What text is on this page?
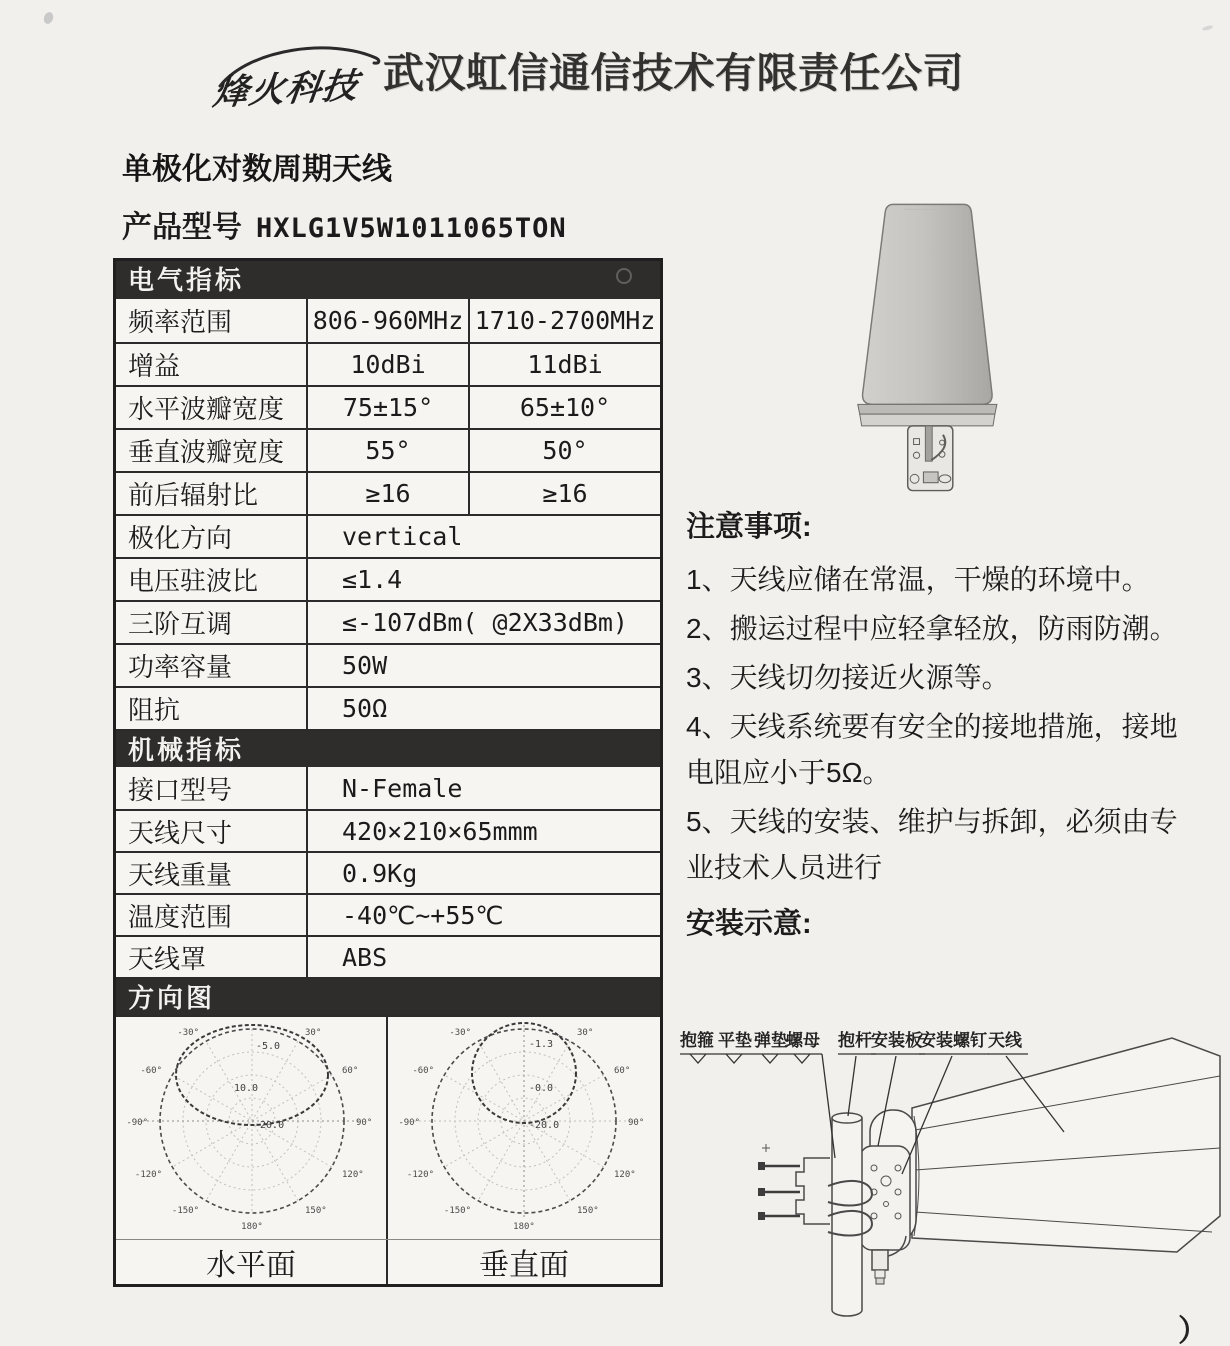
烽火科技 武汉虹信通信技术有限责任公司
单极化对数周期天线
产品型号 HXLG1V5W1011065TON
电气指标
频率范围	806-960MHz 1710-2700MHz
增益	10dBi	11dBi
水平波瓣宽度	75±15°	65±10°
垂直波瓣宽度	55°	50°
前后辐射比	≥16	≥16
极化方向	vertical
电压驻波比	≤1.4
三阶互调	≤-107dBm( @2X33dBm)
功率容量	50W
阻抗	50Ω
机械指标
接口型号	N-Female
天线尺寸	420×210×65mmm
天线重量	0.9Kg
温度范围	-40℃~+55℃
天线罩	ABS
方向图
-30°	30°
-60°	60°
-90°	90°
-120°	120°
-150°	150°
180°
-5.0
10.0
-20.0
-30°	30°
-60°	60°
-90°	90°
-120°	120°
-150°	150°
180°
-1.3
-0.0
-20.0
水平面	垂直面
注意事项:

1、天线应储在常温，干燥的环境中。

2、搬运过程中应轻拿轻放，防雨防潮。

3、天线切勿接近火源等。

4、天线系统要有安全的接地措施，接地电阻应小于5Ω。

5、天线的安装、维护与拆卸，必须由专业技术人员进行

安装示意:
抱箍 平垫 弹垫
螺母 抱杆 安装板
安装螺钉 天线
）
